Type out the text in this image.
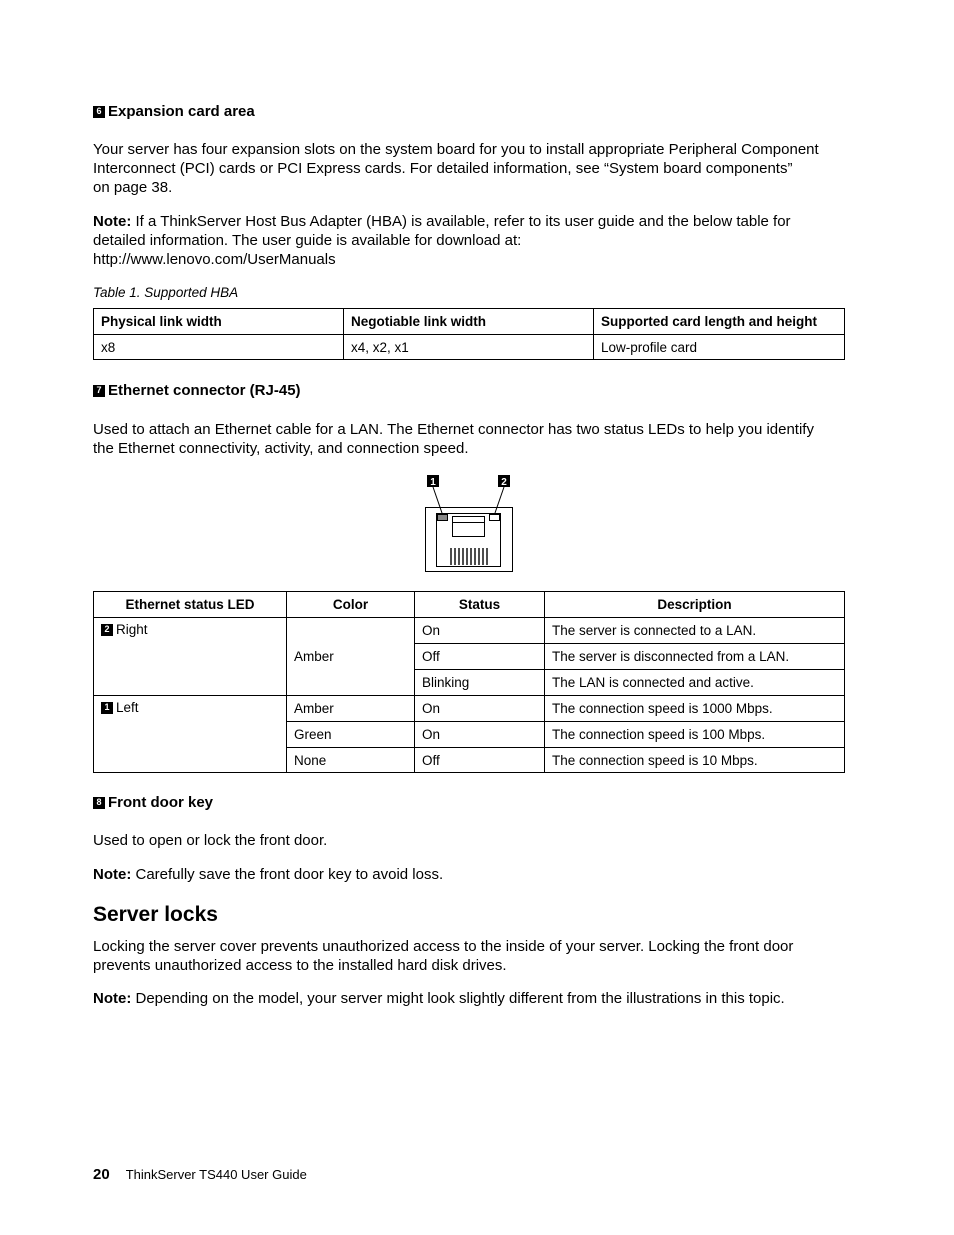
6 Expansion card area
Your server has four expansion slots on the system board for you to install appropriate Peripheral Component
Interconnect (PCI) cards or PCI Express cards. For detailed information, see “System board components”
on page 38.
Note: If a ThinkServer Host Bus Adapter (HBA) is available, refer to its user guide and the below table for
detailed information. The user guide is available for download at:
http://www.lenovo.com/UserManuals
Table 1. Supported HBA
Physical link width	Negotiable link width	Supported card length and height
x8	x4, x2, x1	Low-profile card
7 Ethernet connector (RJ-45)
Used to attach an Ethernet cable for a LAN. The Ethernet connector has two status LEDs to help you identify
the Ethernet connectivity, activity, and connection speed.
1	2
Ethernet status LED	Color	Status	Description
2 Right	Amber	On	The server is connected to a LAN.
		Off	The server is disconnected from a LAN.
		Blinking	The LAN is connected and active.
1 Left	Amber	On	The connection speed is 1000 Mbps.
	Green	On	The connection speed is 100 Mbps.
	None	Off	The connection speed is 10 Mbps.
8 Front door key
Used to open or lock the front door.
Note: Carefully save the front door key to avoid loss.
Server locks
Locking the server cover prevents unauthorized access to the inside of your server. Locking the front door
prevents unauthorized access to the installed hard disk drives.
Note: Depending on the model, your server might look slightly different from the illustrations in this topic.
20 ThinkServer TS440 User Guide
